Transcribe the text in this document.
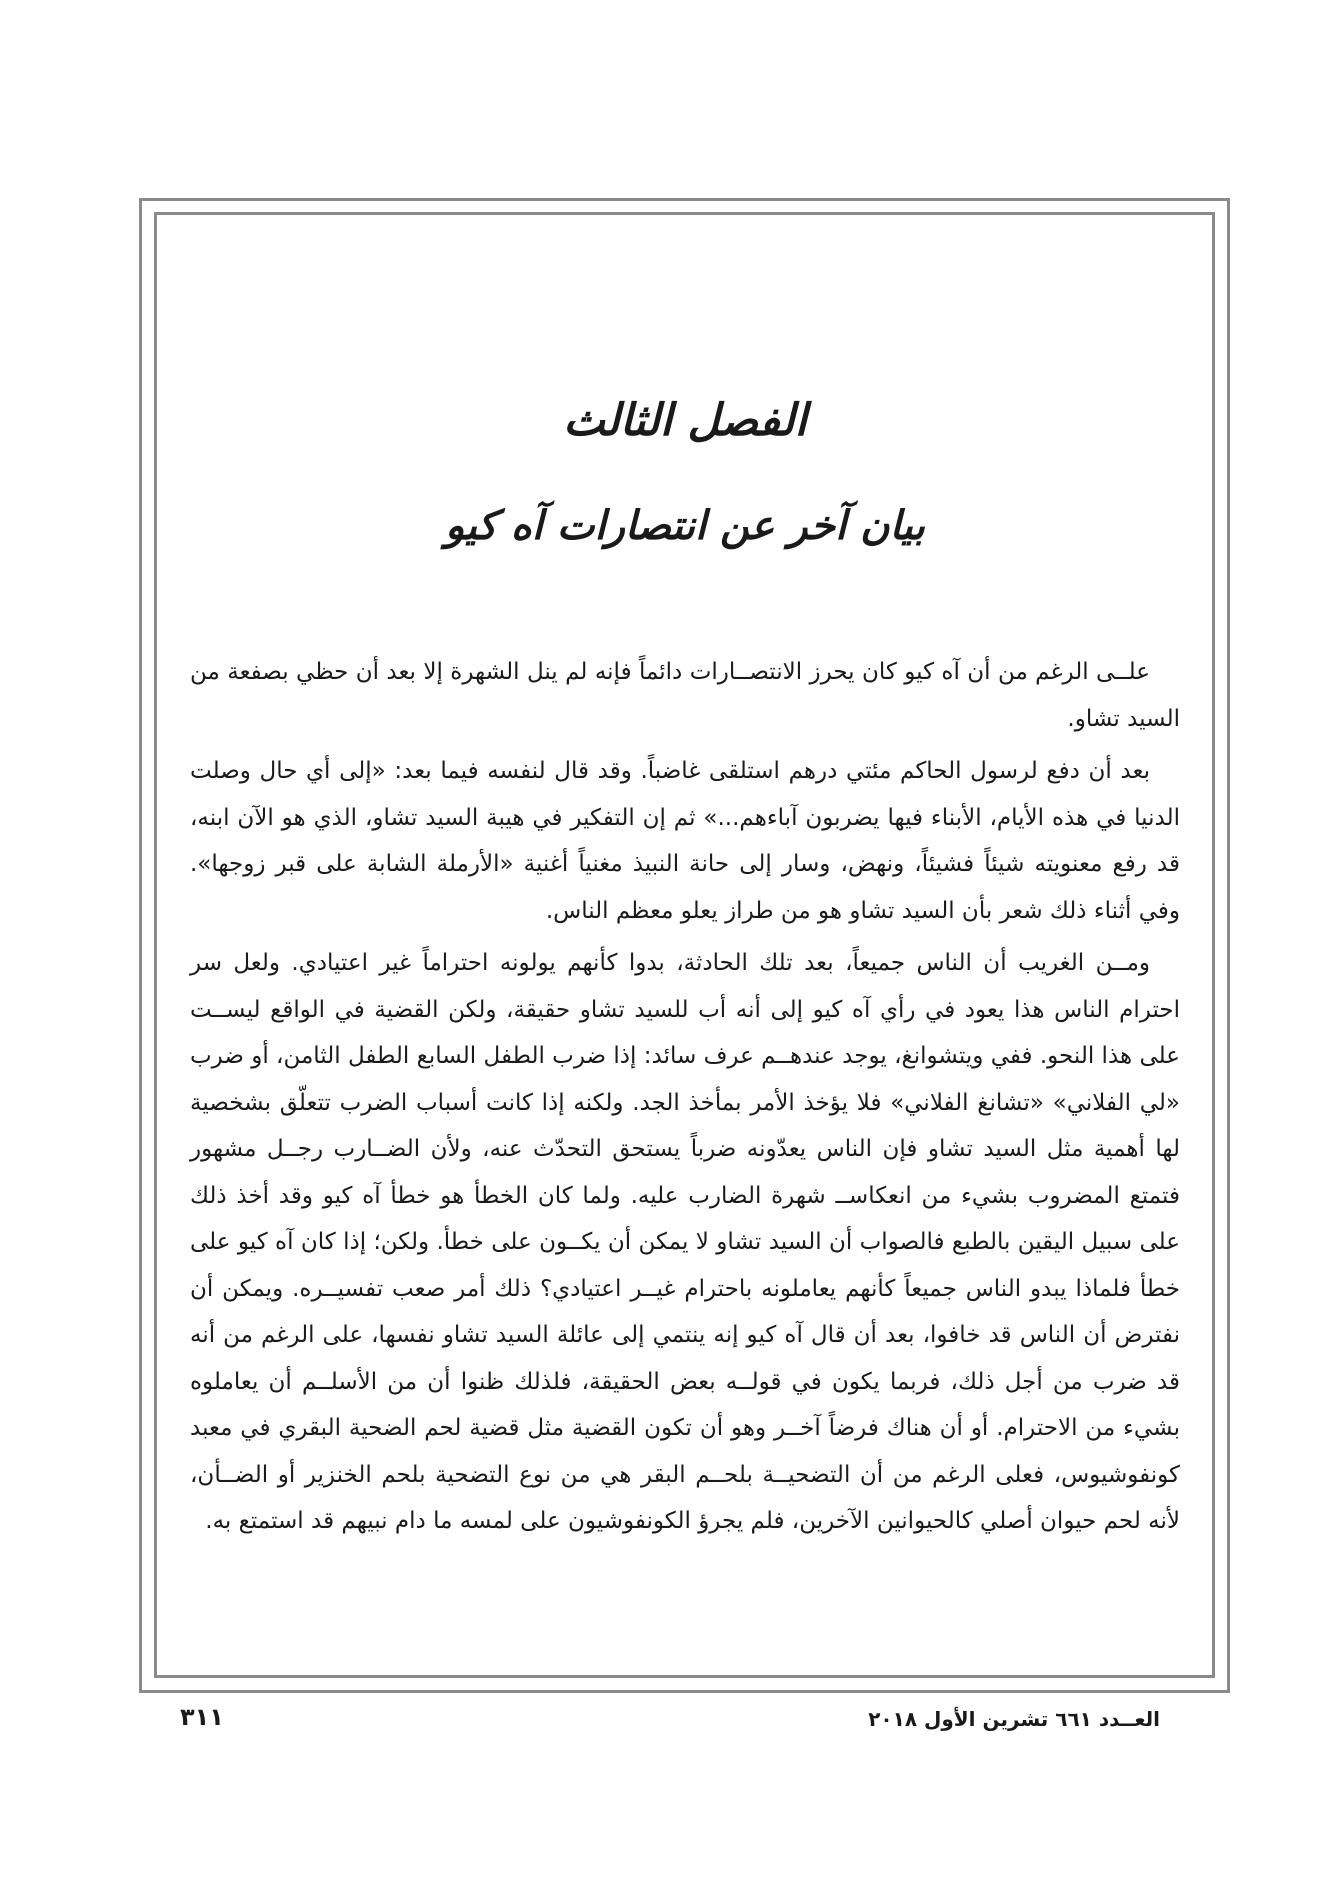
الفصل الثالث
بيان آخر عن انتصارات آه كيو

علــى الرغم من أن آه كيو كان يحرز الانتصــارات دائماً فإنه لم ينل الشهرة إلا بعد أن حظي بصفعة من السيد تشاو.

بعد أن دفع لرسول الحاكم مئتي درهم استلقى غاضباً. وقد قال لنفسه فيما بعد: «إلى أي حال وصلت الدنيا في هذه الأيام، الأبناء فيها يضربون آباءهم...» ثم إن التفكير في هيبة السيد تشاو، الذي هو الآن ابنه، قد رفع معنويته شيئاً فشيئاً، ونهض، وسار إلى حانة النبيذ مغنياً أغنية «الأرملة الشابة على قبر زوجها». وفي أثناء ذلك شعر بأن السيد تشاو هو من طراز يعلو معظم الناس.

ومــن الغريب أن الناس جميعاً، بعد تلك الحادثة، بدوا كأنهم يولونه احتراماً غير اعتيادي. ولعل سر احترام الناس هذا يعود في رأي آه كيو إلى أنه أب للسيد تشاو حقيقة، ولكن القضية في الواقع ليســت على هذا النحو. ففي ويتشوانغ، يوجد عندهــم عرف سائد: إذا ضرب الطفل السابع الطفل الثامن، أو ضرب «لي الفلاني» «تشانغ الفلاني» فلا يؤخذ الأمر بمأخذ الجد. ولكنه إذا كانت أسباب الضرب تتعلّق بشخصية لها أهمية مثل السيد تشاو فإن الناس يعدّونه ضرباً يستحق التحدّث عنه، ولأن الضــارب رجــل مشهور فتمتع المضروب بشيء من انعكاســ شهرة الضارب عليه. ولما كان الخطأ هو خطأ آه كيو وقد أخذ ذلك على سبيل اليقين بالطبع فالصواب أن السيد تشاو لا يمكن أن يكــون على خطأ. ولكن؛ إذا كان آه كيو على خطأ فلماذا يبدو الناس جميعاً كأنهم يعاملونه باحترام غيــر اعتيادي؟ ذلك أمر صعب تفسيــره. ويمكن أن نفترض أن الناس قد خافوا، بعد أن قال آه كيو إنه ينتمي إلى عائلة السيد تشاو نفسها، على الرغم من أنه قد ضرب من أجل ذلك، فربما يكون في قولــه بعض الحقيقة، فلذلك ظنوا أن من الأسلــم أن يعاملوه بشيء من الاحترام. أو أن هناك فرضاً آخــر وهو أن تكون القضية مثل قضية لحم الضحية البقري في معبد كونفوشيوس، فعلى الرغم من أن التضحيــة بلحــم البقر هي من نوع التضحية بلحم الخنزير أو الضــأن، لأنه لحم حيوان أصلي كالحيوانين الآخرين، فلم يجرؤ الكونفوشيون على لمسه ما دام نبيهم قد استمتع به.

٣١١	العــدد ٦٦١ تشرين الأول ٢٠١٨
